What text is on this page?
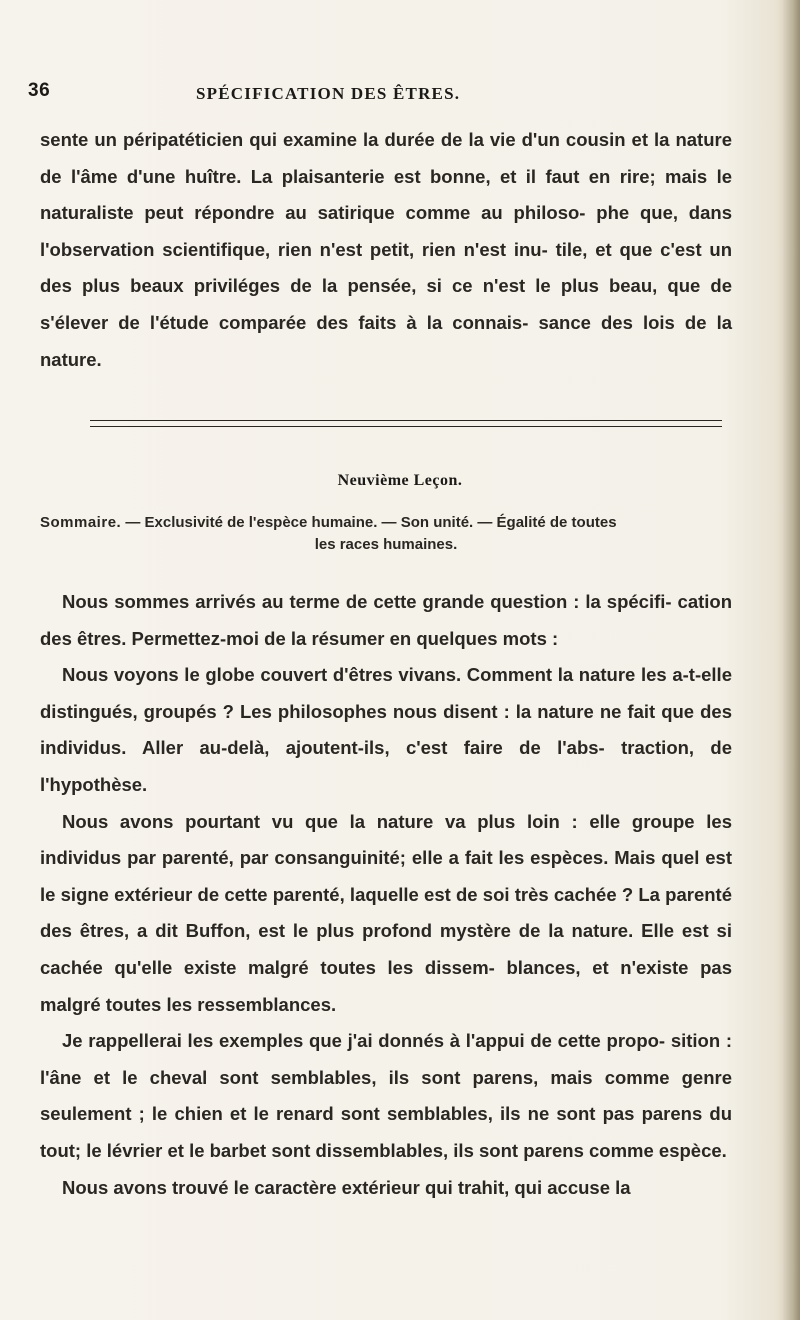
36	SPÉCIFICATION DES ÊTRES.

sente un péripatéticien qui examine la durée de la vie d'un cousin et la nature de l'âme d'une huître. La plaisanterie est bonne, et il faut en rire; mais le naturaliste peut répondre au satirique comme au philoso- phe que, dans l'observation scientifique, rien n'est petit, rien n'est inu- tile, et que c'est un des plus beaux priviléges de la pensée, si ce n'est le plus beau, que de s'élever de l'étude comparée des faits à la connais- sance des lois de la nature.

Neuvième Leçon.
Sommaire. — Exclusivité de l'espèce humaine. — Son unité. — Égalité de toutes
les races humaines.

Nous sommes arrivés au terme de cette grande question : la spécifi- cation des êtres. Permettez-moi de la résumer en quelques mots :

Nous voyons le globe couvert d'êtres vivans. Comment la nature les a-t-elle distingués, groupés ? Les philosophes nous disent : la nature ne fait que des individus. Aller au-delà, ajoutent-ils, c'est faire de l'abs- traction, de l'hypothèse.

Nous avons pourtant vu que la nature va plus loin : elle groupe les individus par parenté, par consanguinité; elle a fait les espèces. Mais quel est le signe extérieur de cette parenté, laquelle est de soi très cachée ? La parenté des êtres, a dit Buffon, est le plus profond mystère de la nature. Elle est si cachée qu'elle existe malgré toutes les dissem- blances, et n'existe pas malgré toutes les ressemblances.

Je rappellerai les exemples que j'ai donnés à l'appui de cette propo- sition : l'âne et le cheval sont semblables, ils sont parens, mais comme genre seulement ; le chien et le renard sont semblables, ils ne sont pas parens du tout; le lévrier et le barbet sont dissemblables, ils sont parens comme espèce.

Nous avons trouvé le caractère extérieur qui trahit, qui accuse la
